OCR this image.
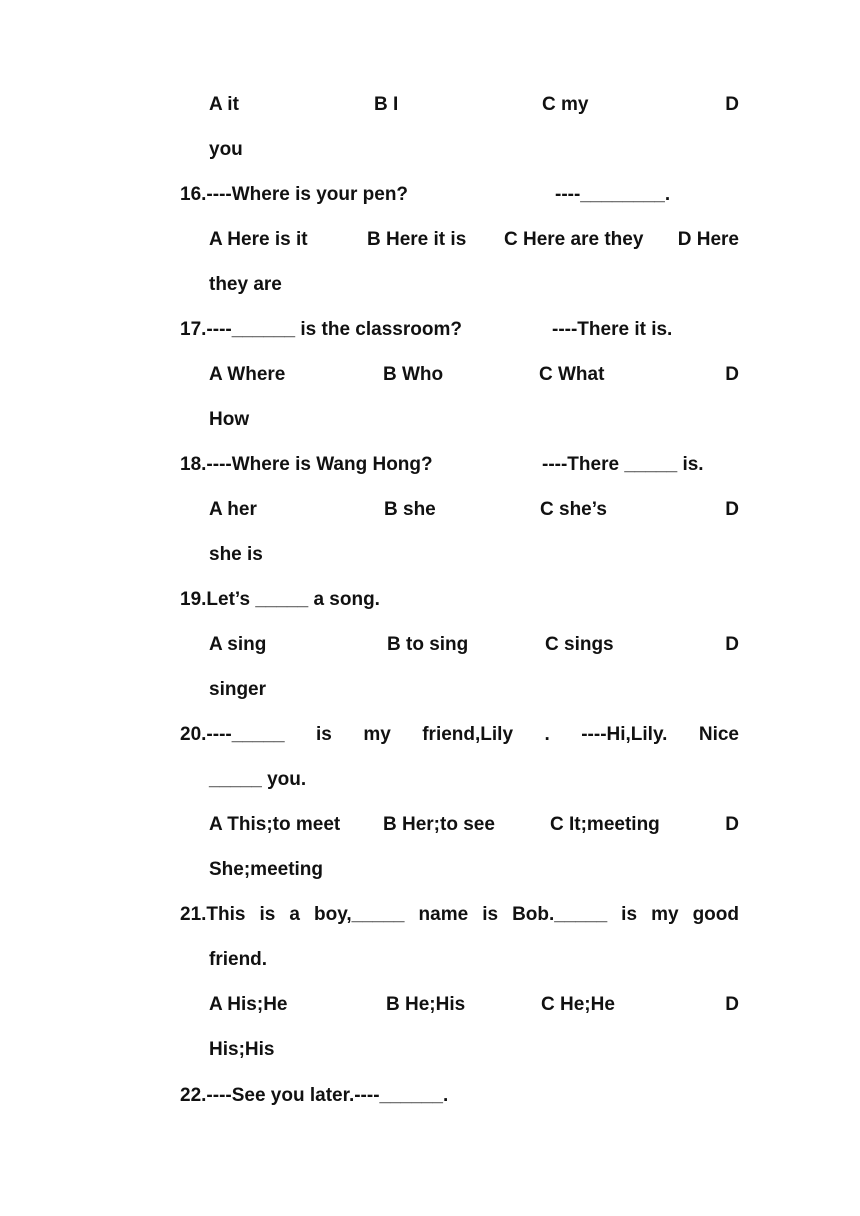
A it	B I	C my	D
you
16.----Where is your pen?	----________.
A Here is it	B Here it is C Here are they D Here
they are
17.----______ is the classroom?	----There it is.
A Where	B Who	C What	D
How
18.----Where is Wang Hong?	----There _____ is.
A her	B she	C she’s	D
she is
19.Let’s _____ a song.
A sing	B to sing	C sings	D
singer
20.----_____ is my friend,Lily . ----Hi,Lily. Nice
_____ you.
A This;to meet B Her;to see	C It;meeting	D
She;meeting
21.This is a boy,_____ name is Bob._____ is my good
friend.
A His;He	B He;His	C He;He	D
His;His
22.----See you later.----______.
